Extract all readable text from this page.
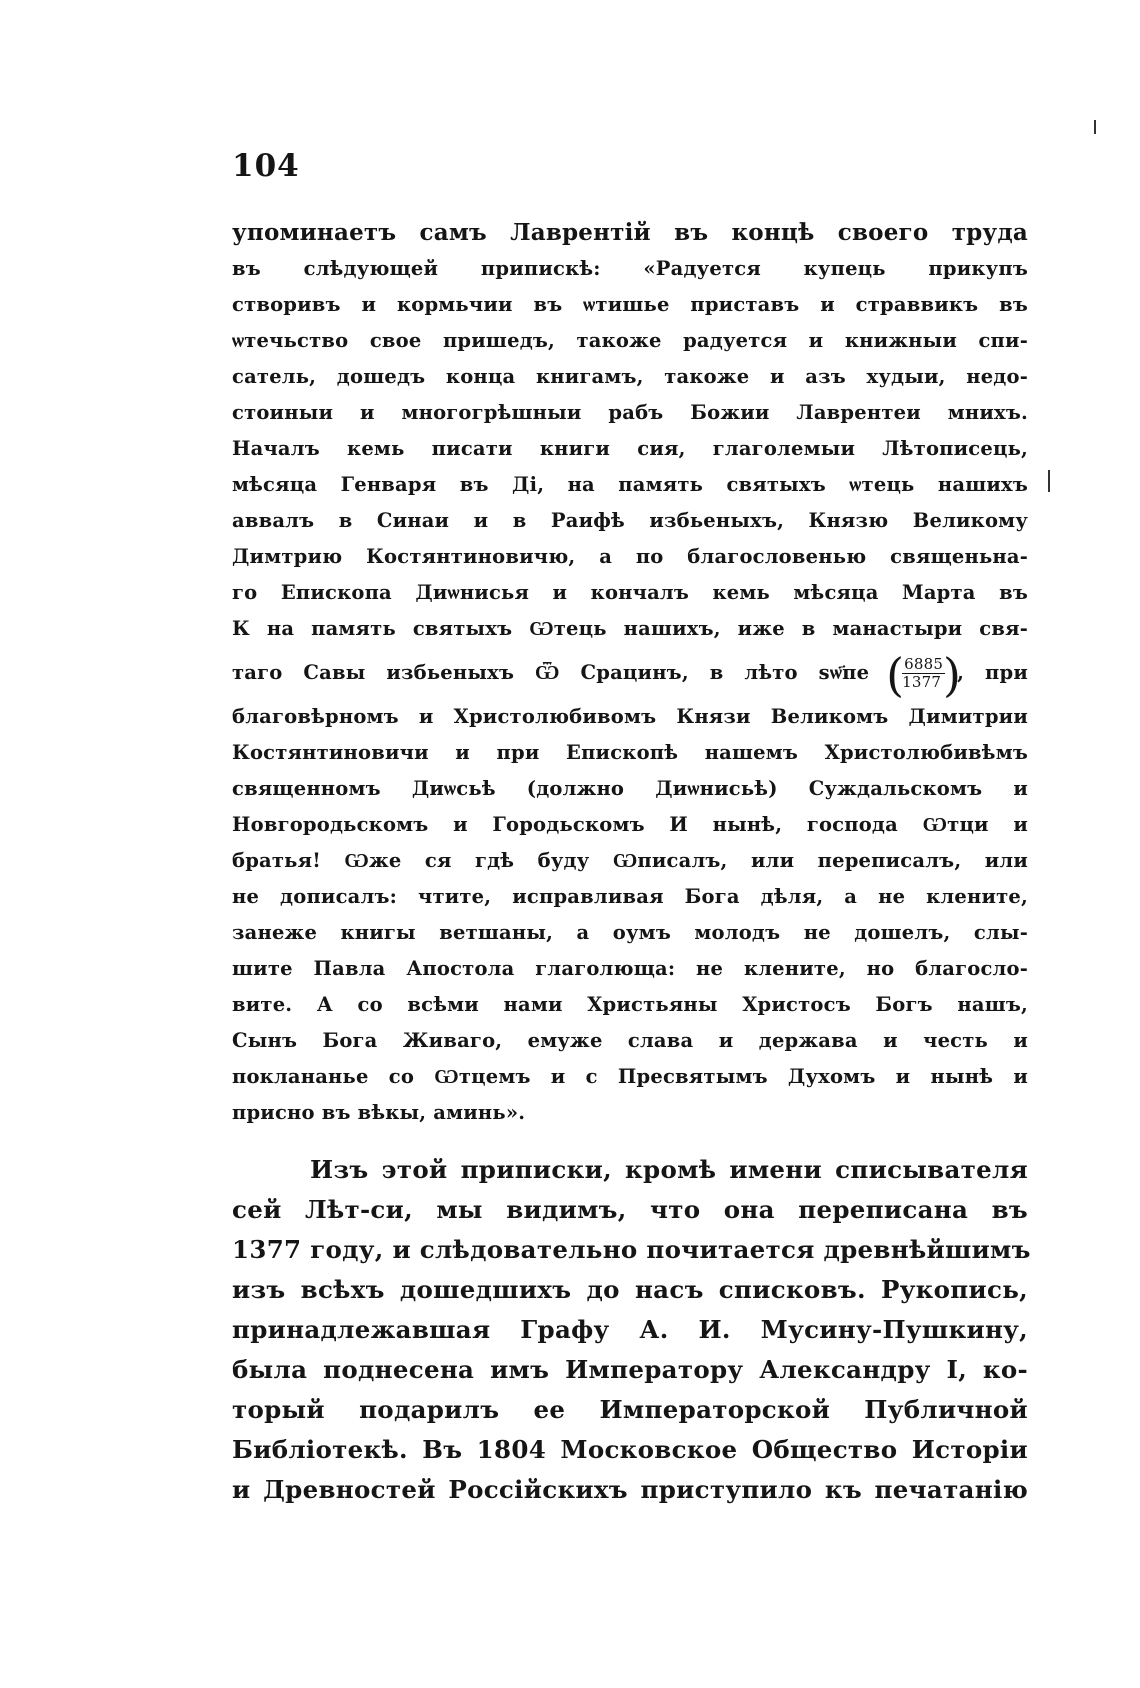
104
упоминаетъ самъ Лаврентій въ концѣ своего труда
въ слѣдующей припискѣ: «Радуется купець прикупъ
створивъ и кормьчии въ ѡтишье приставъ и страввикъ въ
ѡтечьство свое пришедъ, такоже радуется и книжныи спи-
сатель, дошедъ конца книгамъ, такоже и азъ худыи, недо-
стоиныи и многогрѣшныи рабъ Божии Лаврентеи мнихъ.
Началъ кемь писати книги сия, глаголемыи Лѣтописець,
мѣсяца Генваря въ Ді, на память святыхъ ѡтець нашихъ
аввалъ в Синаи и в Раифѣ избьеныхъ, Князю Великому
Димтрию Костянтиновичю, а по благословенью священьна-
го Епископа Диѡнисья и кончалъ кемь мѣсяца Марта въ
К на память святыхъ Ѡтець нашихъ, иже в манастыри свя-
таго Савы избьеныхъ Ѿ Срацинъ, в лѣто ѕѡ҃пе ( 6885
1377 )
, при
благовѣрномъ и Христолюбивомъ Князи Великомъ Димитрии
Костянтиновичи и при Епископѣ нашемъ Христолюбивѣмъ
священномъ Диѡсьѣ (должно Диѡнисьѣ) Суждальскомъ и
Новгородьскомъ и Городьскомъ И нынѣ, господа Ѡтци и
братья! Ѡже ся гдѣ буду Ѡписалъ, или переписалъ, или
не дописалъ: чтите, исправливая Бога дѣля, а не клените,
занеже книгы ветшаны, а оумъ молодъ не дошелъ, слы-
шите Павла Апостола глаголюща: не клените, но благосло-
вите. А со всѣми нами Христьяны Христосъ Богъ нашъ,
Сынъ Бога Живаго, емуже слава и держава и честь и
поклананье со Ѡтцемъ и с Пресвятымъ Духомъ и нынѣ и
присно въ вѣкы, аминь».
Изъ этой приписки, кромѣ имени списывателя
сей Лѣт-си, мы видимъ, что она переписана въ
1377 году, и слѣдовательно почитается древнѣйшимъ
изъ всѣхъ дошедшихъ до насъ списковъ. Рукопись,
принадлежавшая Графу А. И. Мусину-Пушкину,
была поднесена имъ Императору Александру I, ко-
торый подарилъ ее Императорской Публичной
Библіотекѣ. Въ 1804 Московское Общество Исторіи
и Древностей Россійскихъ приступило къ печатанію
